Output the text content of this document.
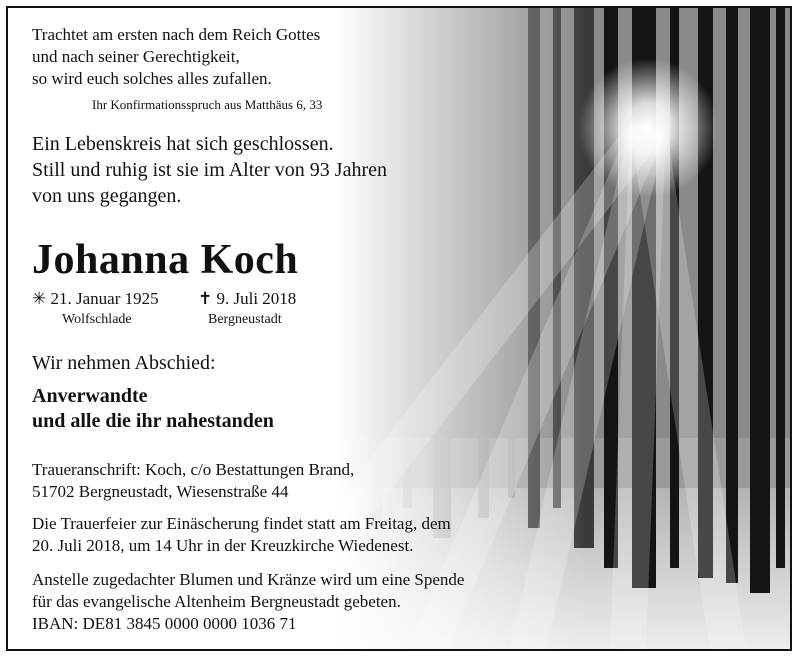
Trachtet am ersten nach dem Reich Gottes
und nach seiner Gerechtigkeit,
so wird euch solches alles zufallen.
Ihr Konfirmationsspruch aus Matthäus 6, 33
Ein Lebenskreis hat sich geschlossen.
Still und ruhig ist sie im Alter von 93 Jahren
von uns gegangen.
Johanna Koch
✳ 21. Januar 1925 ✝ 9. Juli 2018
Wolfschlade	Bergneustadt
Wir nehmen Abschied:
Anverwandte
und alle die ihr nahestanden
Traueranschrift: Koch, c/o Bestattungen Brand,
51702 Bergneustadt, Wiesenstraße 44
Die Trauerfeier zur Einäscherung findet statt am Freitag, dem
20. Juli 2018, um 14 Uhr in der Kreuzkirche Wiedenest.
Anstelle zugedachter Blumen und Kränze wird um eine Spende
für das evangelische Altenheim Bergneustadt gebeten.
IBAN: DE81 3845 0000 0000 1036 71
